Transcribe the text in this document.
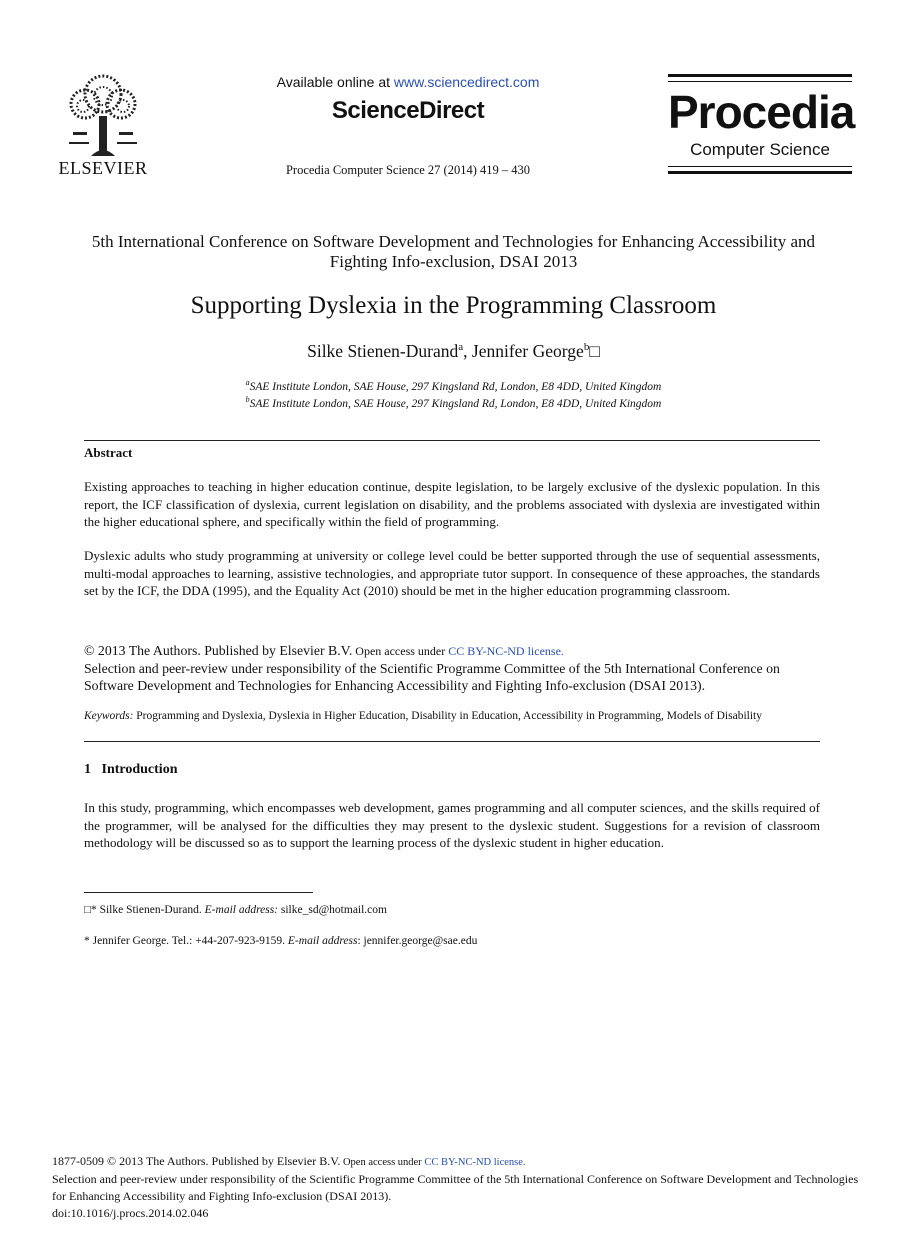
ELSEVIER
Available online at www.sciencedirect.com
ScienceDirect
Procedia Computer Science 27 (2014) 419 – 430
Procedia
Computer Science
5th International Conference on Software Development and Technologies for Enhancing Accessibility and Fighting Info-exclusion, DSAI 2013
Supporting Dyslexia in the Programming Classroom
Silke Stienen-Durand$^a$, Jennifer George$^b$□
$^a$SAE Institute London, SAE House, 297 Kingsland Rd, London, E8 4DD, United Kingdom
$^b$SAE Institute London, SAE House, 297 Kingsland Rd, London, E8 4DD, United Kingdom
Abstract
Existing approaches to teaching in higher education continue, despite legislation, to be largely exclusive of the dyslexic population. In this report, the ICF classification of dyslexia, current legislation on disability, and the problems associated with dyslexia are investigated within the higher educational sphere, and specifically within the field of programming.
Dyslexic adults who study programming at university or college level could be better supported through the use of sequential assessments, multi-modal approaches to learning, assistive technologies, and appropriate tutor support. In consequence of these approaches, the standards set by the ICF, the DDA (1995), and the Equality Act (2010) should be met in the higher education programming classroom.
© 2013 The Authors. Published by Elsevier B.V. Open access under CC BY-NC-ND license.
Selection and peer-review under responsibility of the Scientific Programme Committee of the 5th International Conference on Software Development and Technologies for Enhancing Accessibility and Fighting Info-exclusion (DSAI 2013).
Keywords: Programming and Dyslexia, Dyslexia in Higher Education, Disability in Education, Accessibility in Programming, Models of Disability
1 Introduction
In this study, programming, which encompasses web development, games programming and all computer sciences, and the skills required of the programmer, will be analysed for the difficulties they may present to the dyslexic student. Suggestions for a revision of classroom methodology will be discussed so as to support the learning process of the dyslexic student in higher education.
□* Silke Stienen-Durand. E-mail address: silke_sd@hotmail.com
* Jennifer George. Tel.: +44-207-923-9159. E-mail address: jennifer.george@sae.edu
1877-0509 © 2013 The Authors. Published by Elsevier B.V. Open access under CC BY-NC-ND license.
Selection and peer-review under responsibility of the Scientific Programme Committee of the 5th International Conference on Software Development and Technologies for Enhancing Accessibility and Fighting Info-exclusion (DSAI 2013).
doi:10.1016/j.procs.2014.02.046
